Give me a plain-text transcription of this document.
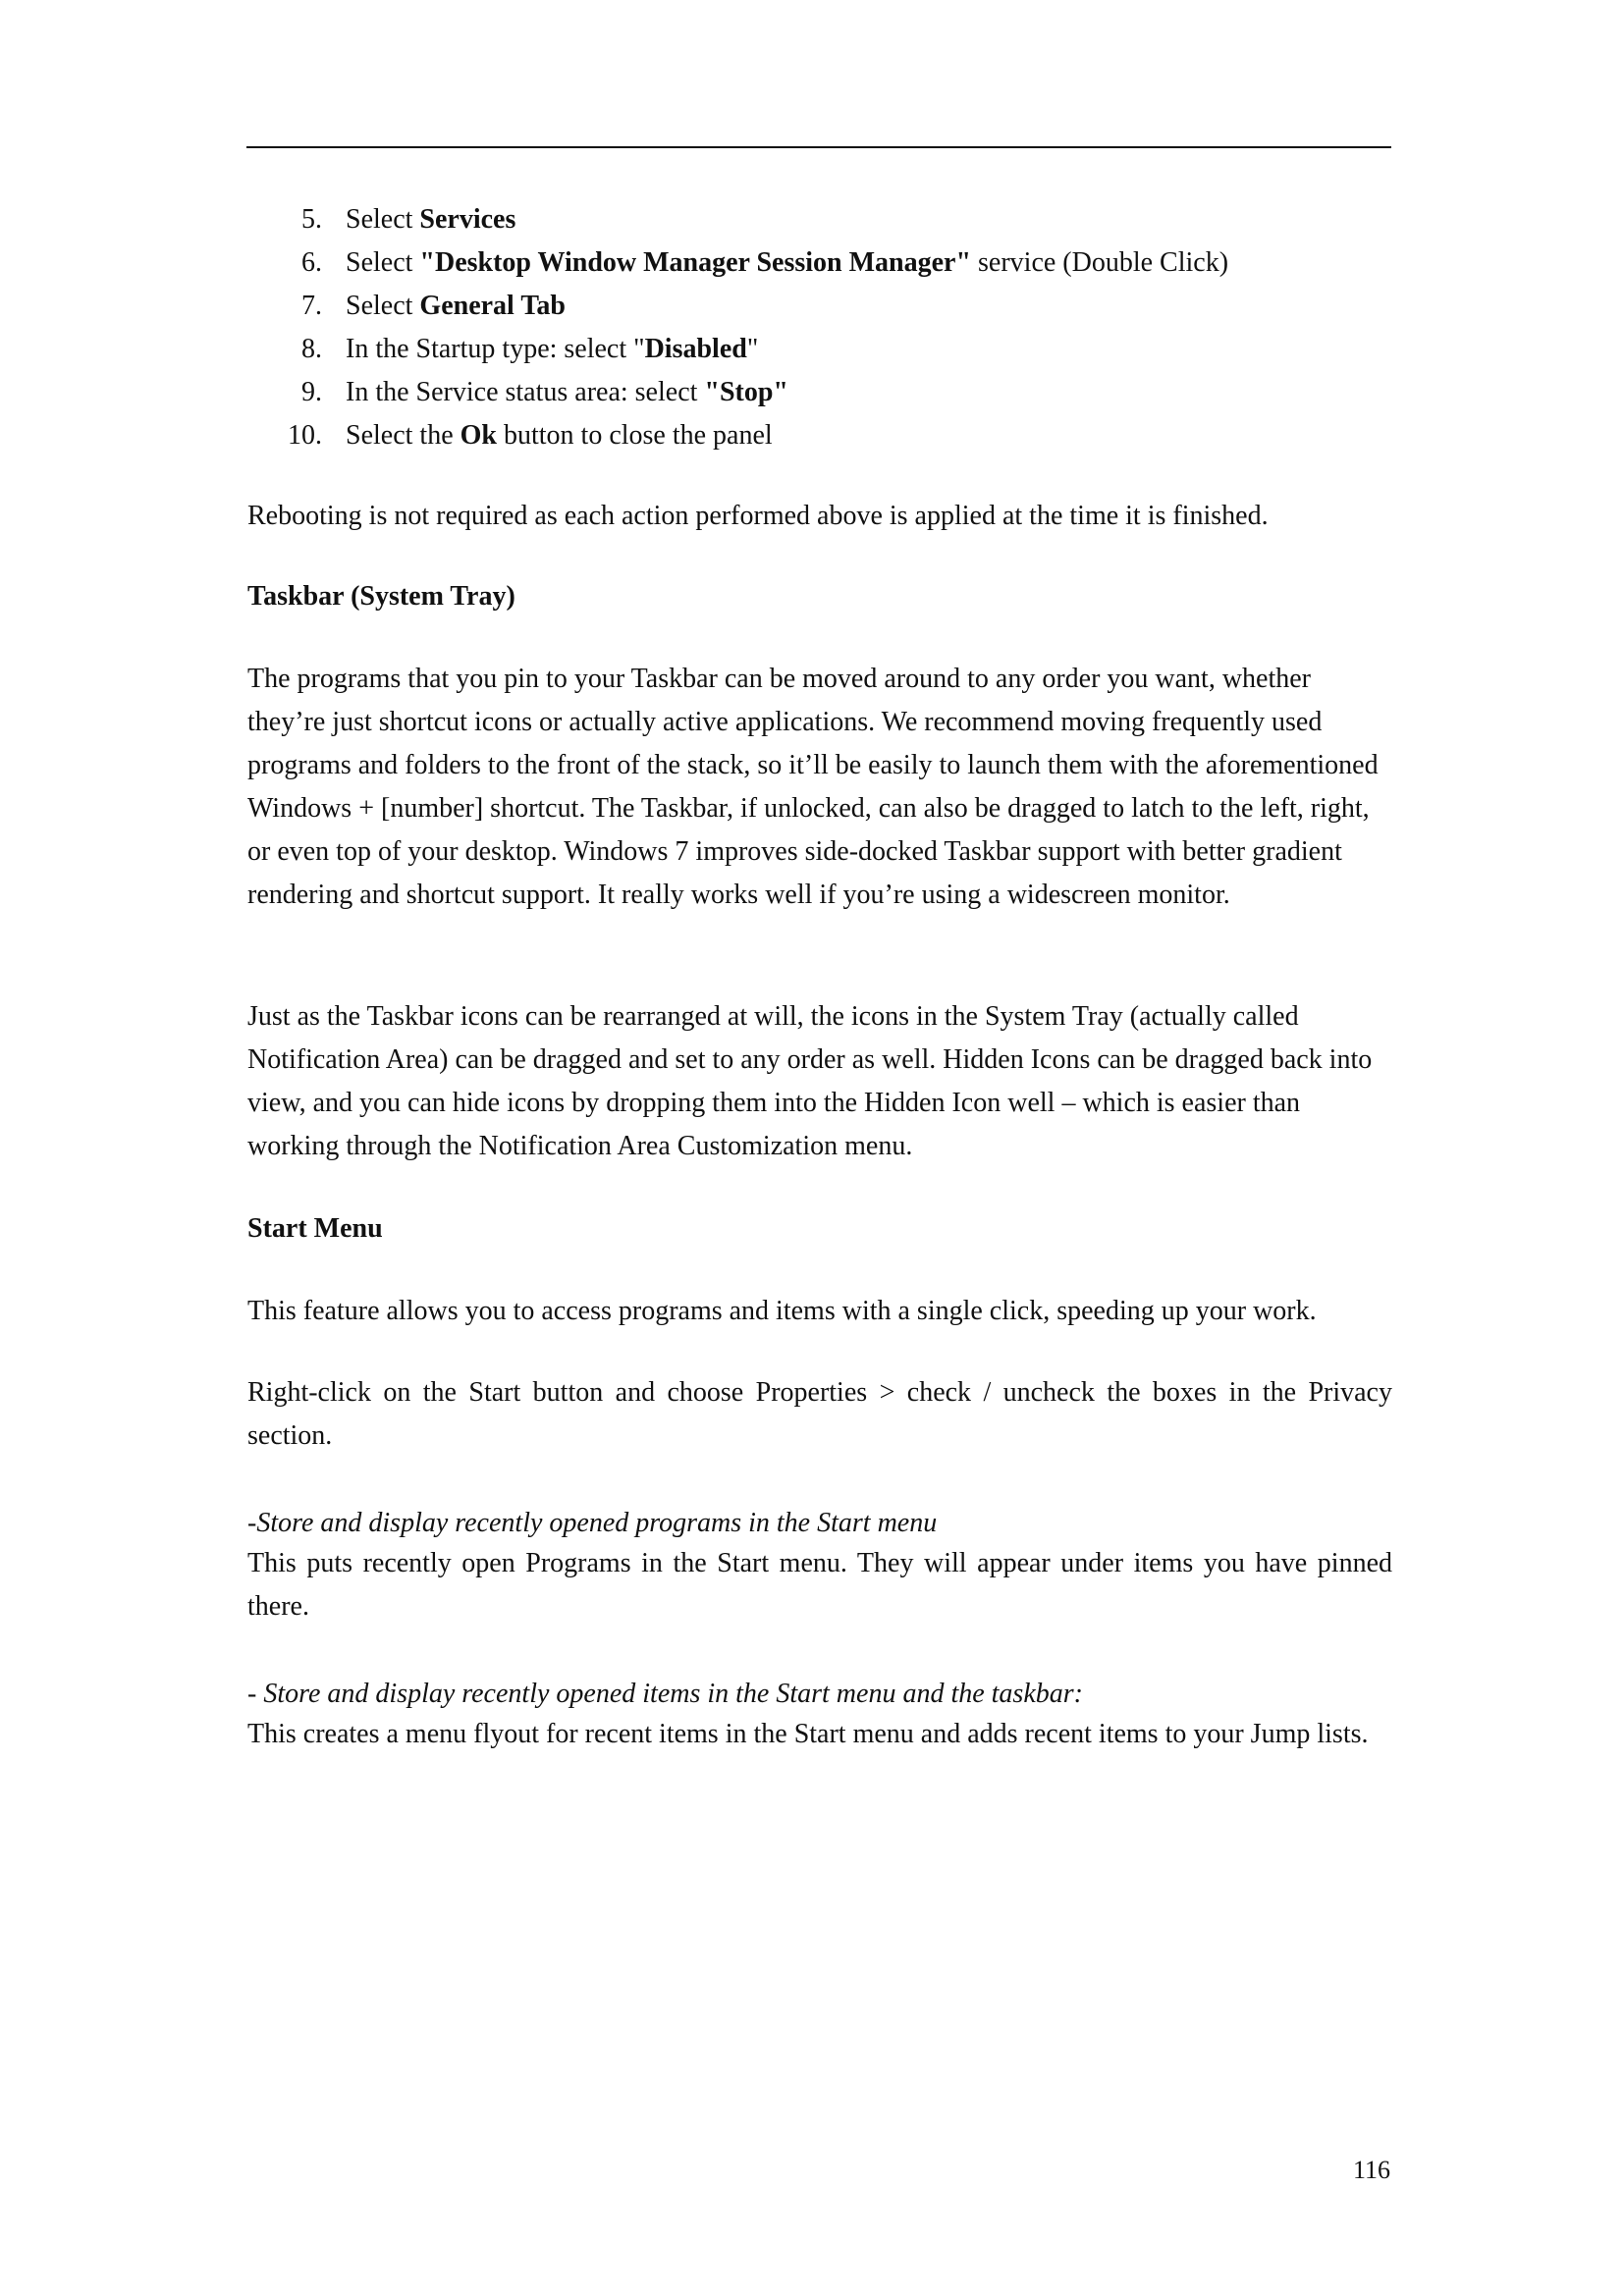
5. Select Services
6. Select "Desktop Window Manager Session Manager" service (Double Click)
7. Select General Tab
8. In the Startup type: select "Disabled"
9. In the Service status area: select "Stop"
10. Select the Ok button to close the panel

Rebooting is not required as each action performed above is applied at the time it is finished.

Taskbar (System Tray)

The programs that you pin to your Taskbar can be moved around to any order you want, whether they’re just shortcut icons or actually active applications. We recommend moving frequently used programs and folders to the front of the stack, so it’ll be easily to launch them with the aforementioned Windows + [number] shortcut. The Taskbar, if unlocked, can also be dragged to latch to the left, right, or even top of your desktop. Windows 7 improves side-docked Taskbar support with better gradient rendering and shortcut support. It really works well if you’re using a widescreen monitor.

Just as the Taskbar icons can be rearranged at will, the icons in the System Tray (actually called Notification Area) can be dragged and set to any order as well. Hidden Icons can be dragged back into view, and you can hide icons by dropping them into the Hidden Icon well – which is easier than working through the Notification Area Customization menu.

Start Menu

This feature allows you to access programs and items with a single click, speeding up your work.

Right-click on the Start button and choose Properties > check / uncheck the boxes in the Privacy section.

-Store and display recently opened programs in the Start menu

This puts recently open Programs in the Start menu. They will appear under items you have pinned there.

- Store and display recently opened items in the Start menu and the taskbar:

This creates a menu flyout for recent items in the Start menu and adds recent items to your Jump lists.

116
